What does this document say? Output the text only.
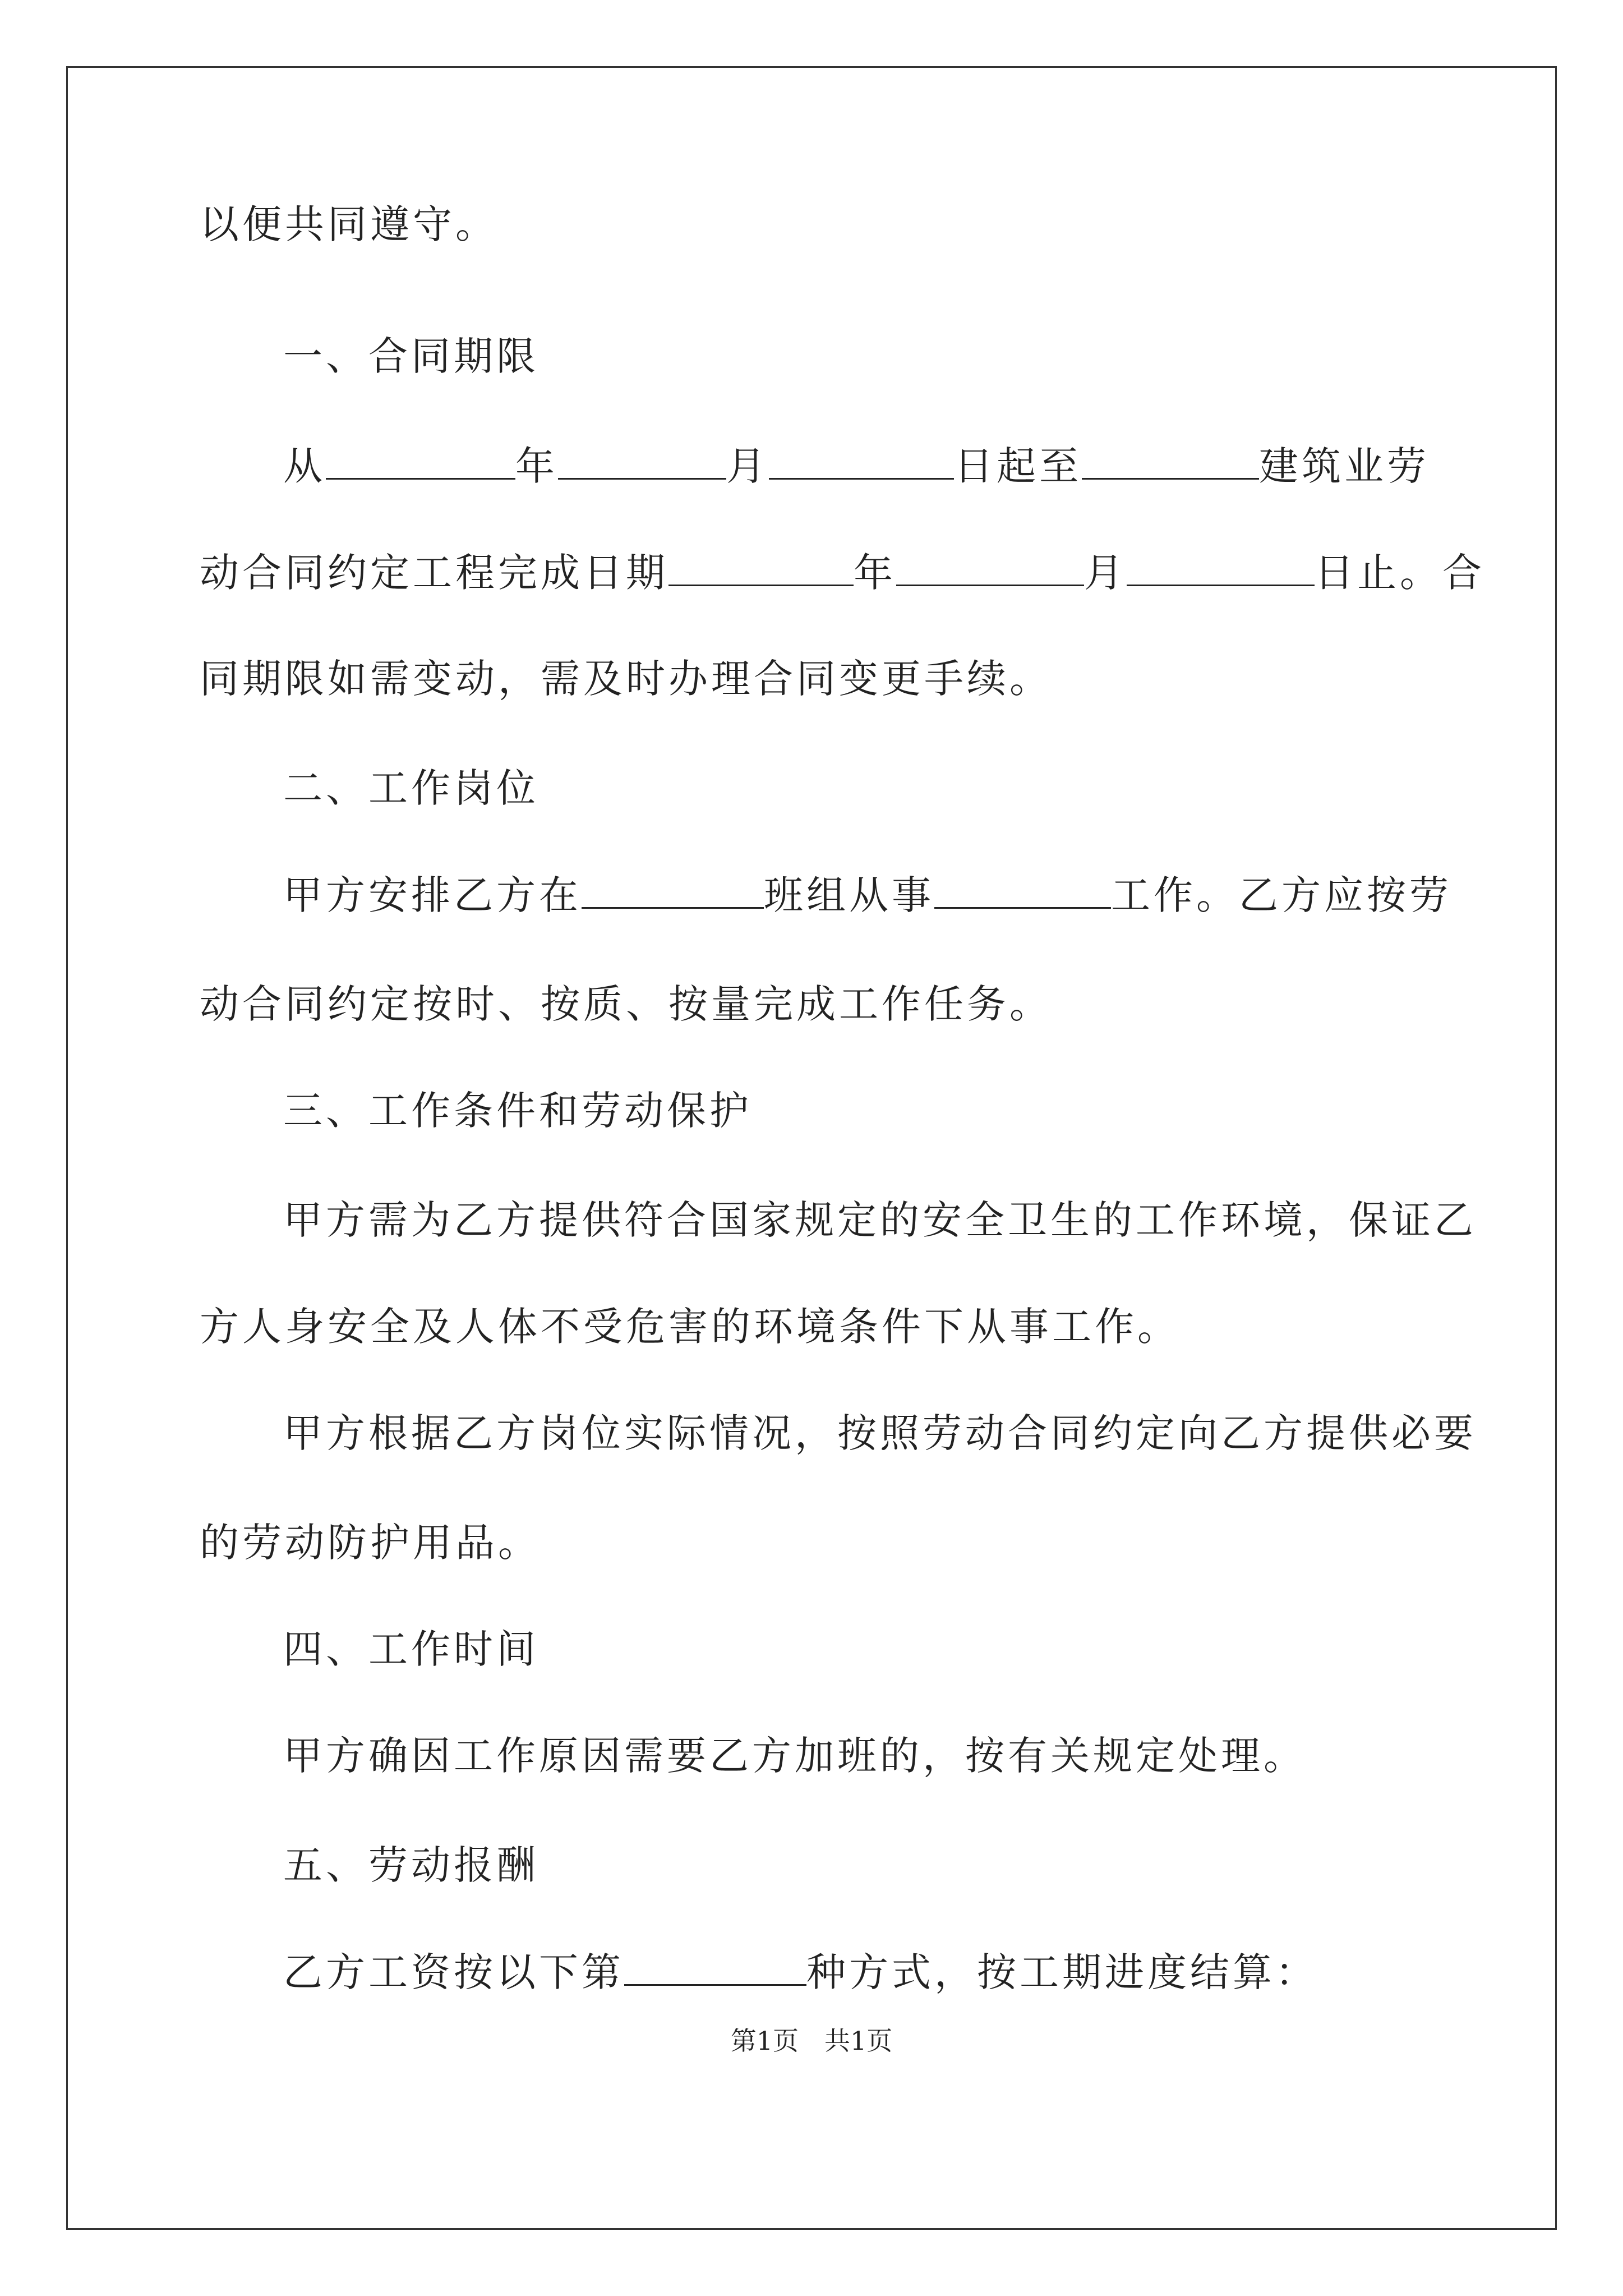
以便共同遵守。
一、合同期限
从	年	月	日起至	建筑业劳
动合同约定工程完成日期	年	月	日止。合
同期限如需变动，需及时办理合同变更手续。
二、工作岗位
甲方安排乙方在	班组从事	工作。乙方应按劳
动合同约定按时、按质、按量完成工作任务。
三、工作条件和劳动保护
甲方需为乙方提供符合国家规定的安全卫生的工作环境，保证乙
方人身安全及人体不受危害的环境条件下从事工作。
甲方根据乙方岗位实际情况，按照劳动合同约定向乙方提供必要
的劳动防护用品。
四、工作时间
甲方确因工作原因需要乙方加班的，按有关规定处理。
五、劳动报酬
乙方工资按以下第	种方式，按工期进度结算：
第1页　共1页
